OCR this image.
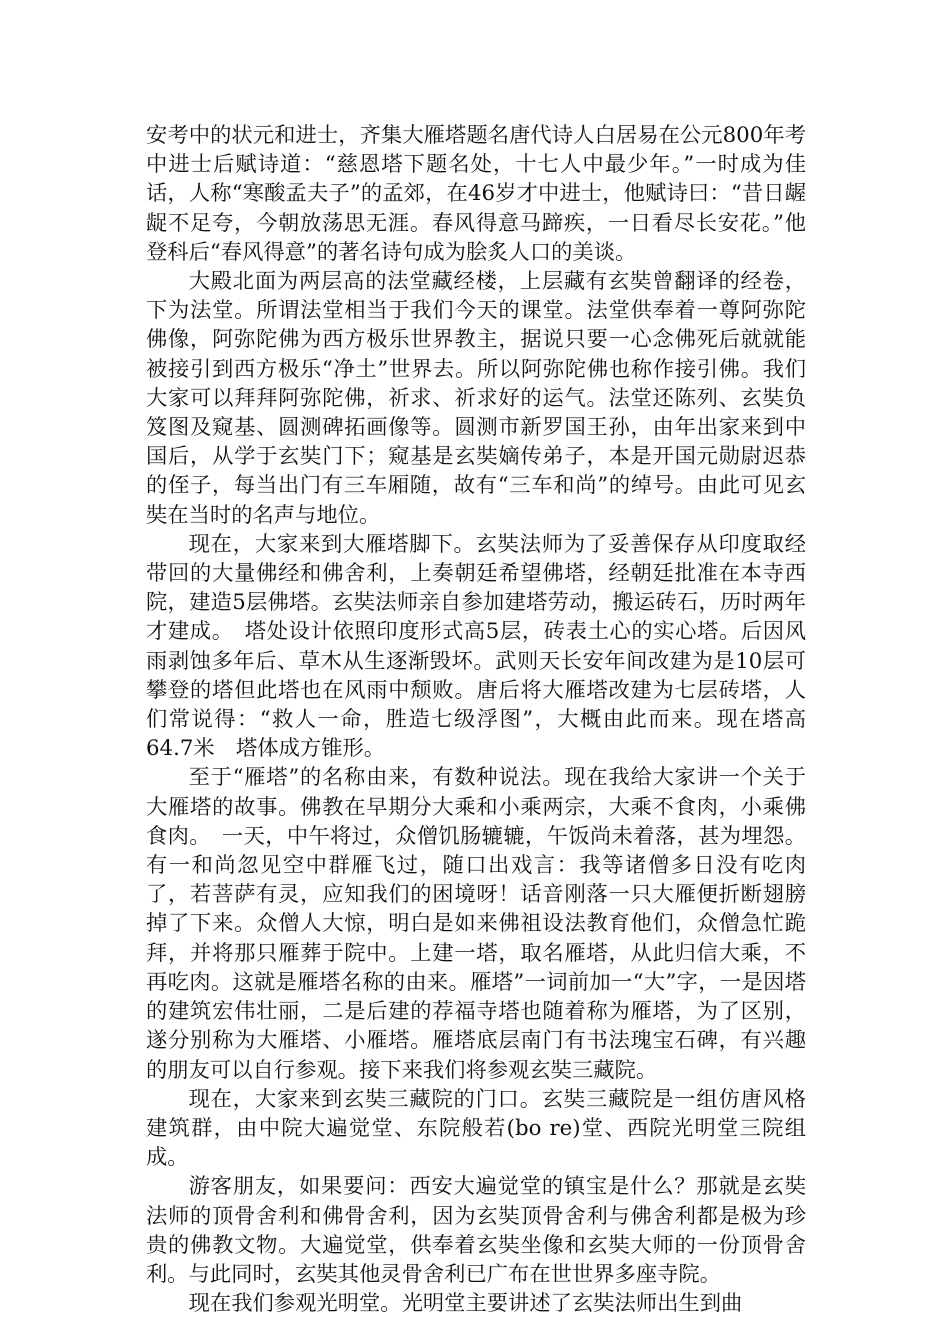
安考中的状元和进士，齐集大雁塔题名唐代诗人白居易在公元800年考中进士后赋诗道：“慈恩塔下题名处，十七人中最少年。”一时成为佳话，人称“寒酸孟夫子”的孟郊，在46岁才中进士，他赋诗曰：“昔日龌龊不足夸，今朝放荡思无涯。春风得意马蹄疾，一日看尽长安花。”他登科后“春风得意”的著名诗句成为脍炙人口的美谈。

大殿北面为两层高的法堂藏经楼，上层藏有玄奘曾翻译的经卷，下为法堂。所谓法堂相当于我们今天的课堂。法堂供奉着一尊阿弥陀佛像，阿弥陀佛为西方极乐世界教主，据说只要一心念佛死后就就能被接引到西方极乐“净土”世界去。所以阿弥陀佛也称作接引佛。我们大家可以拜拜阿弥陀佛，祈求、祈求好的运气。法堂还陈列、玄奘负笈图及窥基、圆测碑拓画像等。圆测市新罗国王孙，由年出家来到中国后，从学于玄奘门下；窥基是玄奘嫡传弟子，本是开国元勋尉迟恭的侄子，每当出门有三车厢随，故有“三车和尚”的绰号。由此可见玄奘在当时的名声与地位。

现在，大家来到大雁塔脚下。玄奘法师为了妥善保存从印度取经带回的大量佛经和佛舍利，上奏朝廷希望佛塔，经朝廷批准在本寺西院，建造5层佛塔。玄奘法师亲自参加建塔劳动，搬运砖石，历时两年才建成。　塔处设计依照印度形式高5层，砖表土心的实心塔。后因风雨剥蚀多年后、草木从生逐渐毁坏。武则天长安年间改建为是10层可攀登的塔但此塔也在风雨中颓败。唐后将大雁塔改建为七层砖塔，人们常说得：“救人一命，胜造七级浮图”，大概由此而来。现在塔高64.7米　塔体成方锥形。

至于“雁塔”的名称由来，有数种说法。现在我给大家讲一个关于大雁塔的故事。佛教在早期分大乘和小乘两宗，大乘不食肉，小乘佛食肉。　一天，中午将过，众僧饥肠辘辘，午饭尚未着落，甚为埋怨。有一和尚忽见空中群雁飞过，随口出戏言：我等诸僧多日没有吃肉了，若菩萨有灵，应知我们的困境呀！话音刚落一只大雁便折断翅膀掉了下来。众僧人大惊，明白是如来佛祖设法教育他们，众僧急忙跪拜，并将那只雁葬于院中。上建一塔，取名雁塔，从此归信大乘，不再吃肉。这就是雁塔名称的由来。雁塔”一词前加一“大”字，一是因塔的建筑宏伟壮丽，二是后建的荐福寺塔也随着称为雁塔，为了区别，遂分别称为大雁塔、小雁塔。雁塔底层南门有书法瑰宝石碑，有兴趣的朋友可以自行参观。接下来我们将参观玄奘三藏院。

现在，大家来到玄奘三藏院的门口。玄奘三藏院是一组仿唐风格建筑群，由中院大遍觉堂、东院般若(bo re)堂、西院光明堂三院组成。

游客朋友，如果要问：西安大遍觉堂的镇宝是什么？那就是玄奘法师的顶骨舍利和佛骨舍利，因为玄奘顶骨舍利与佛舍利都是极为珍贵的佛教文物。大遍觉堂，供奉着玄奘坐像和玄奘大师的一份顶骨舍利。与此同时，玄奘其他灵骨舍利已广布在世世界多座寺院。

现在我们参观光明堂。光明堂主要讲述了玄奘法师出生到曲
